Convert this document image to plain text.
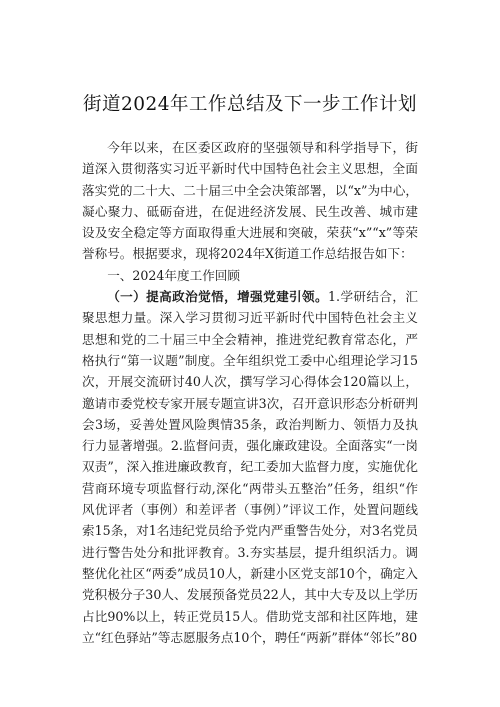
街道2024年工作总结及下一步工作计划

今年以来，在区委区政府的坚强领导和科学指导下，街道深入贯彻落实习近平新时代中国特色社会主义思想，全面落实党的二十大、二十届三中全会决策部署，以“x”为中心，凝心聚力、砥砺奋进，在促进经济发展、民生改善、城市建设及安全稳定等方面取得重大进展和突破，荣获“x”“x”等荣誉称号。根据要求，现将2024年X街道工作总结报告如下：

一、2024年度工作回顾

（一）提高政治觉悟，增强党建引领。1.学研结合，汇聚思想力量。深入学习贯彻习近平新时代中国特色社会主义思想和党的二十届三中全会精神，推进党纪教育常态化，严格执行“第一议题”制度。全年组织党工委中心组理论学习15次，开展交流研讨40人次，撰写学习心得体会120篇以上，邀请市委党校专家开展专题宣讲3次，召开意识形态分析研判会3场，妥善处置风险舆情35条，政治判断力、领悟力及执行力显著增强。2.监督问责，强化廉政建设。全面落实“一岗双责”，深入推进廉政教育，纪工委加大监督力度，实施优化营商环境专项监督行动,深化“两带头五整治”任务，组织“作风优评者（事例）和差评者（事例）”评议工作，处置问题线索15条，对1名违纪党员给予党内严重警告处分，对3名党员进行警告处分和批评教育。3.夯实基层，提升组织活力。调整优化社区“两委”成员10人，新建小区党支部10个，确定入党积极分子30人、发展预备党员22人，其中大专及以上学历占比90%以上，转正党员15人。借助党支部和社区阵地，建立“红色驿站”等志愿服务点10个，聘任“两新”群体“邻长”80
